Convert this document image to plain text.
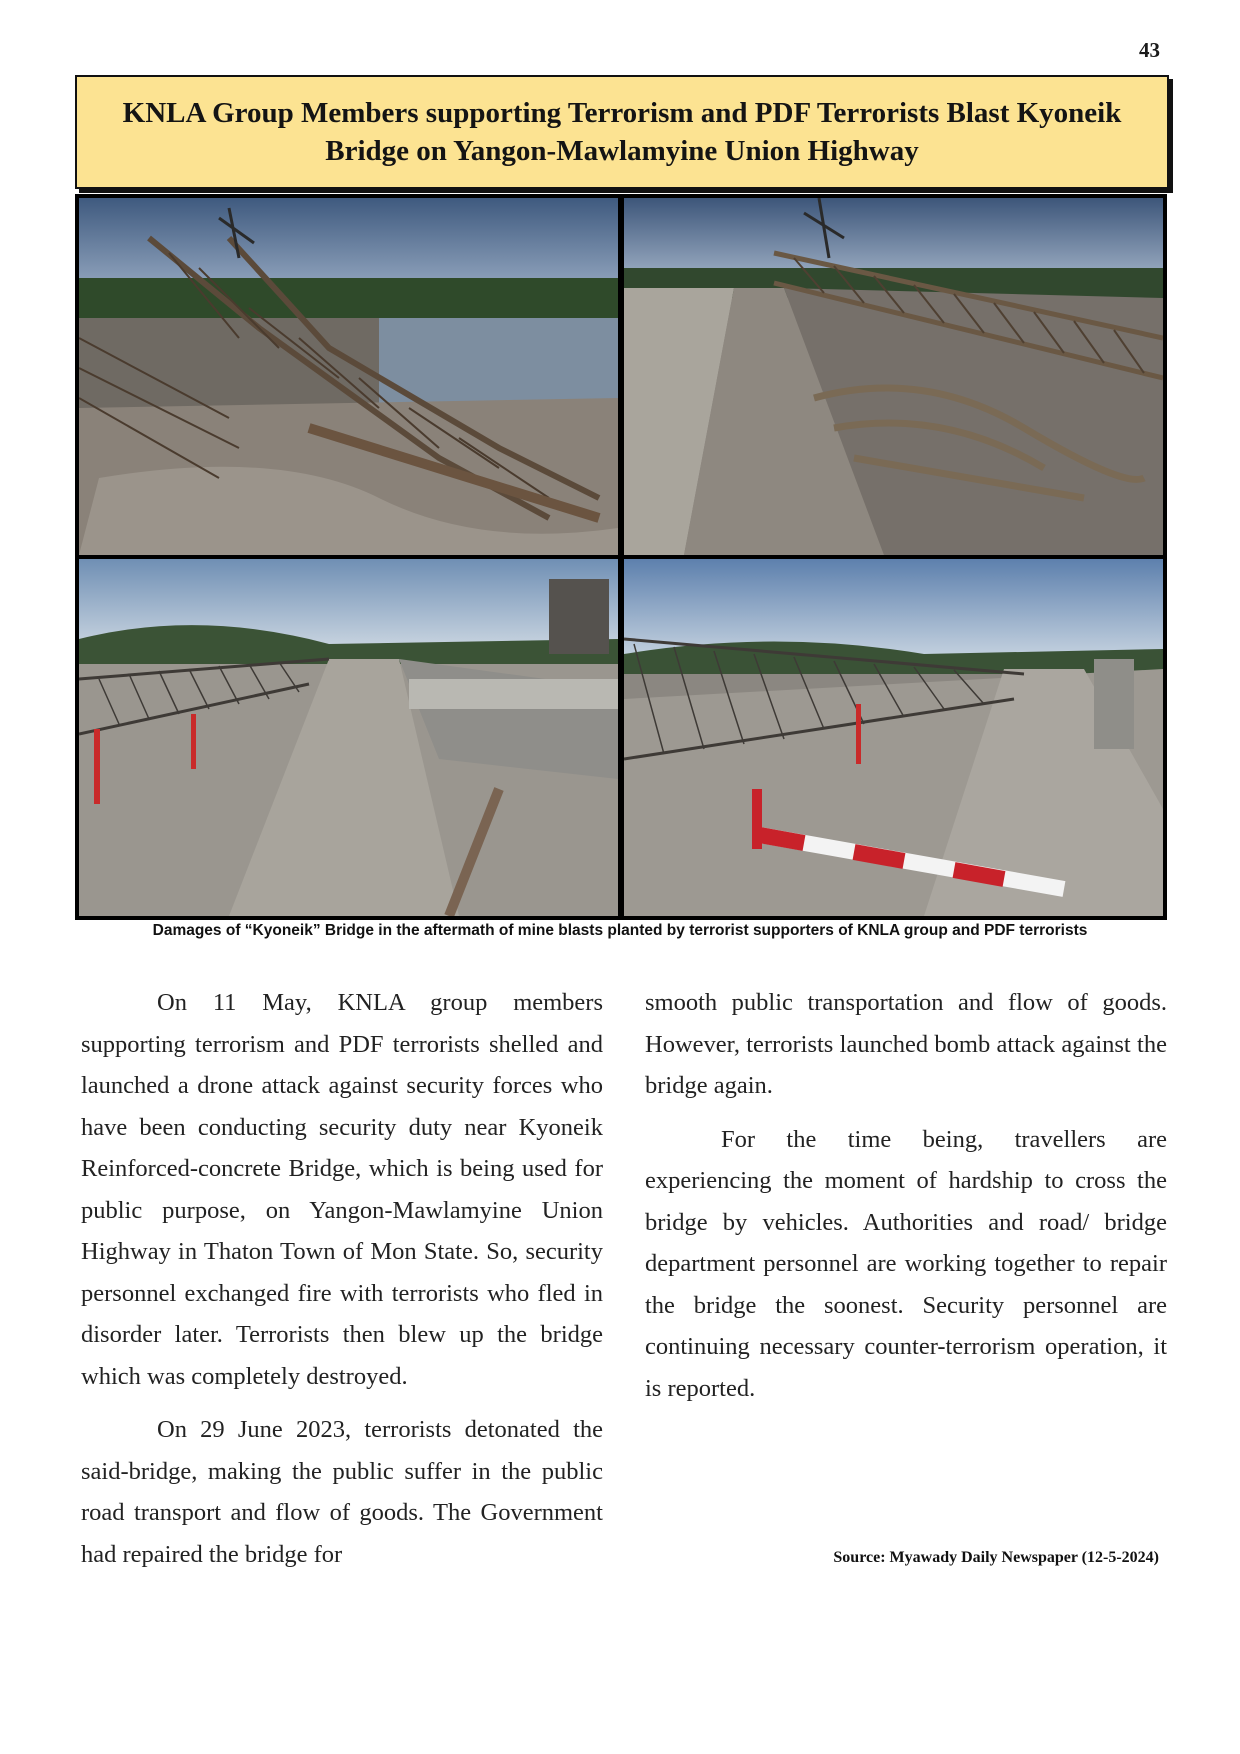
43
KNLA Group Members supporting Terrorism and PDF Terrorists Blast Kyoneik Bridge on Yangon-Mawlamyine Union Highway
Damages of “Kyoneik” Bridge in the aftermath of mine blasts planted by terrorist supporters of KNLA group and PDF terrorists

On 11 May, KNLA group members supporting terrorism and PDF terrorists shelled and launched a drone attack against security forces who have been conducting security duty near Kyoneik Reinforced-concrete Bridge, which is being used for public purpose, on Yangon-Mawlamyine Union Highway in Thaton Town of Mon State. So, security personnel exchanged fire with terrorists who fled in disorder later. Terrorists then blew up the bridge which was completely destroyed.

On 29 June 2023, terrorists detonated the said-bridge, making the public suffer in the public road transport and flow of goods. The Government had repaired the bridge for

smooth public transportation and flow of goods. However, terrorists launched bomb attack against the bridge again.

For the time being, travellers are experiencing the moment of hardship to cross the bridge by vehicles. Authorities and road/ bridge department personnel are working together to repair the bridge the soonest. Security personnel are continuing necessary counter-terrorism operation, it is reported.

Source: Myawady Daily Newspaper (12-5-2024)
